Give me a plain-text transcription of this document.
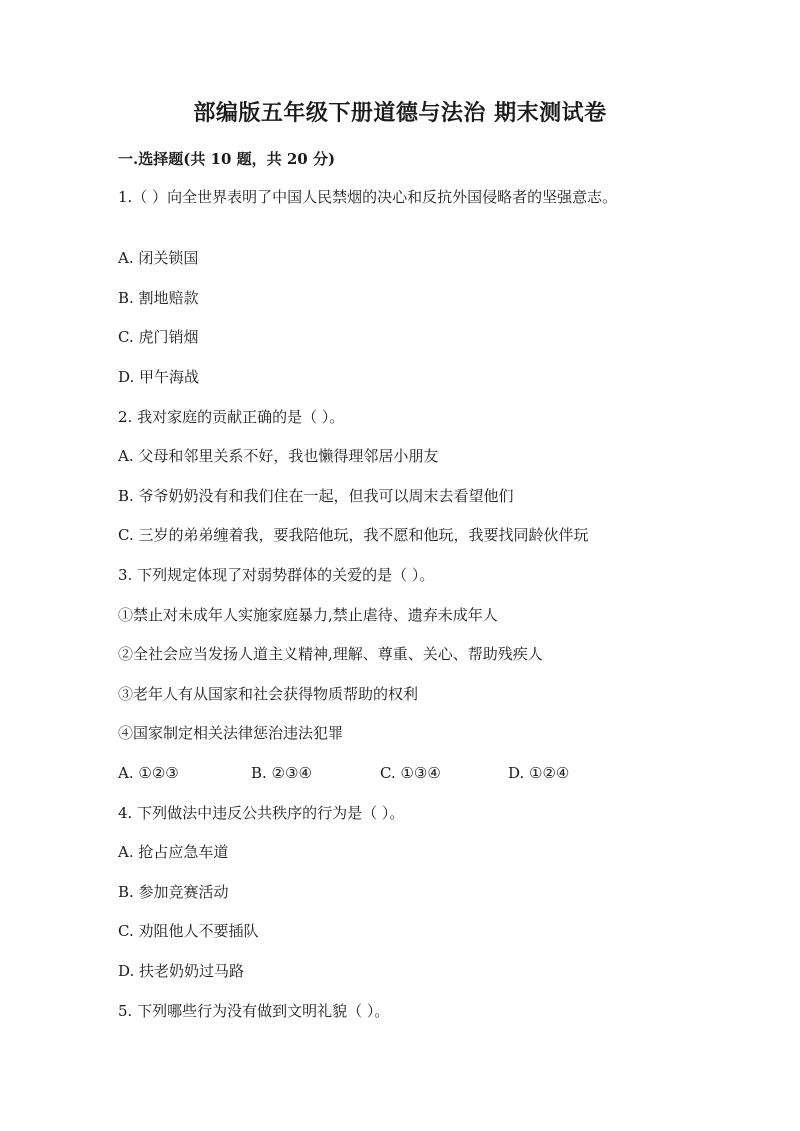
部编版五年级下册道德与法治 期末测试卷
一.选择题(共 10 题，共 20 分)
1.（ ）向全世界表明了中国人民禁烟的决心和反抗外国侵略者的坚强意志。
A. 闭关锁国
B. 割地赔款
C. 虎门销烟
D. 甲午海战
2. 我对家庭的贡献正确的是（ ）。
A. 父母和邻里关系不好，我也懒得理邻居小朋友
B. 爷爷奶奶没有和我们住在一起，但我可以周末去看望他们
C. 三岁的弟弟缠着我，要我陪他玩，我不愿和他玩，我要找同龄伙伴玩
3. 下列规定体现了对弱势群体的关爱的是（ ）。
①禁止对未成年人实施家庭暴力,禁止虐待、遗弃未成年人
②全社会应当发扬人道主义精神,理解、尊重、关心、帮助残疾人
③老年人有从国家和社会获得物质帮助的权利
④国家制定相关法律惩治违法犯罪
A. ①②③	B. ②③④	C. ①③④	D. ①②④
4. 下列做法中违反公共秩序的行为是（ ）。
A. 抢占应急车道
B. 参加竞赛活动
C. 劝阻他人不要插队
D. 扶老奶奶过马路
5. 下列哪些行为没有做到文明礼貌（ ）。
